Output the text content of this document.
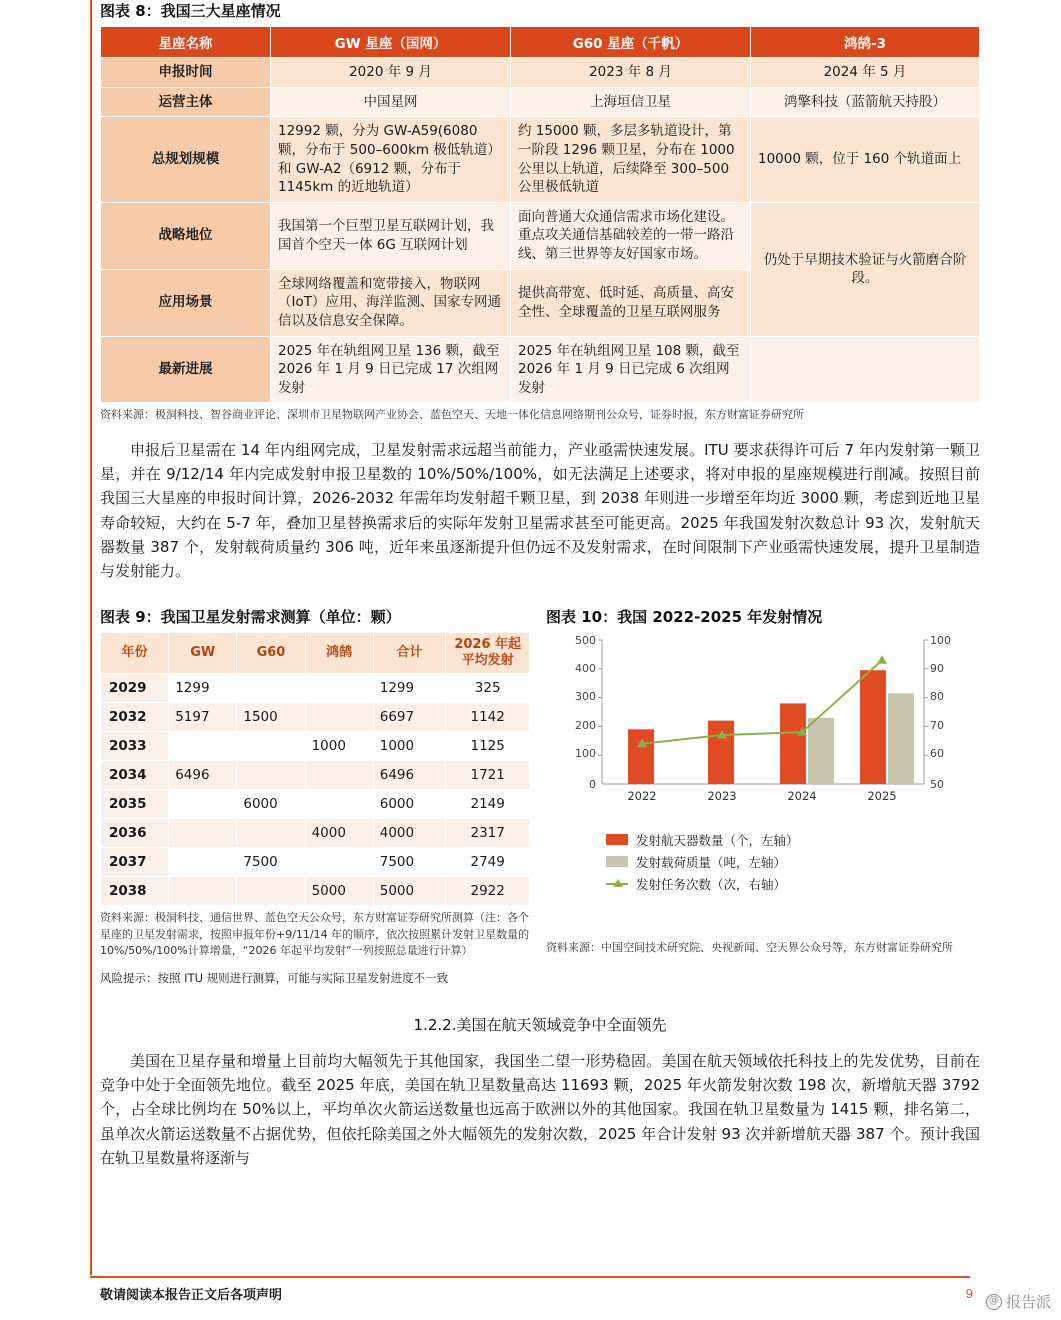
图表 8：我国三大星座情况
星座名称	GW 星座（国网）	G60 星座（千帆）	鸿鹄-3
申报时间	2020 年 9 月	2023 年 8 月	2024 年 5 月
运营主体	中国星网	上海垣信卫星	鸿擎科技（蓝箭航天持股）
总规划规模	12992 颗，分为 GW-A59(6080 颗，分布于 500–600km 极低轨道）和 GW-A2（6912 颗，分布于 1145km 的近地轨道）	约 15000 颗，多层多轨道设计，第一阶段 1296 颗卫星，分布在 1000 公里以上轨道，后续降至 300–500 公里极低轨道	10000 颗，位于 160 个轨道面上
战略地位	我国第一个巨型卫星互联网计划，我国首个空天一体 6G 互联网计划	面向普通大众通信需求市场化建设。重点攻关通信基础较差的一带一路沿线、第三世界等友好国家市场。	仍处于早期技术验证与火箭磨合阶段。
应用场景	全球网络覆盖和宽带接入，物联网（IoT）应用、海洋监测、国家专网通信以及信息安全保障。	提供高带宽、低时延、高质量、高安全性、全球覆盖的卫星互联网服务	
最新进展	2025 年在轨组网卫星 136 颗，截至 2026 年 1 月 9 日已完成 17 次组网发射	2025 年在轨组网卫星 108 颗，截至 2026 年 1 月 9 日已完成 6 次组网发射	
资料来源：极洞科技、智谷商业评论、深圳市卫星物联网产业协会、蓝色空天、天地一体化信息网络期刊公众号，证券时报，东方财富证券研究所

申报后卫星需在 14 年内组网完成，卫星发射需求远超当前能力，产业亟需快速发展。ITU 要求获得许可后 7 年内发射第一颗卫星，并在 9/12/14 年内完成发射申报卫星数的 10%/50%/100%，如无法满足上述要求，将对申报的星座规模进行削减。按照目前我国三大星座的申报时间计算，2026-2032 年需年均发射超千颗卫星，到 2038 年则进一步增至年均近 3000 颗，考虑到近地卫星寿命较短，大约在 5-7 年，叠加卫星替换需求后的实际年发射卫星需求甚至可能更高。2025 年我国发射次数总计 93 次，发射航天器数量 387 个，发射载荷质量约 306 吨，近年来虽逐渐提升但仍远不及发射需求，在时间限制下产业亟需快速发展，提升卫星制造与发射能力。

图表 9：我国卫星发射需求测算（单位：颗）
年份	GW	G60	鸿鹄	合计	2026 年起平均发射
2029	1299			1299	325
2032	5197	1500		6697	1142
2033			1000	1000	1125
2034	6496			6496	1721
2035		6000		6000	2149
2036			4000	4000	2317
2037		7500		7500	2749
2038			5000	5000	2922
资料来源：极洞科技、通信世界、蓝色空天公众号，东方财富证券研究所测算（注：各个星座的卫星发射需求，按照申报年份+9/11/14 年的顺序，依次按照累计发射卫星数量的 10%/50%/100%计算增量，“2026 年起平均发射”一列按照总量进行计算）
风险提示：按照 ITU 规则进行测算，可能与实际卫星发射进度不一致
图表 10：我国 2022-2025 年发射情况
500
400
300
200
100
0
100
90
80
70
60
50
2022	2023	2024	2025
发射航天器数量（个，左轴）
发射载荷质量（吨，左轴）
发射任务次数（次，右轴）
资料来源：中国空间技术研究院、央视新闻、空天界公众号等，东方财富证券研究所
1.2.2.美国在航天领域竞争中全面领先

美国在卫星存量和增量上目前均大幅领先于其他国家，我国坐二望一形势稳固。美国在航天领域依托科技上的先发优势，目前在竞争中处于全面领先地位。截至 2025 年底，美国在轨卫星数量高达 11693 颗，2025 年火箭发射次数 198 次，新增航天器 3792 个，占全球比例均在 50%以上，平均单次火箭运送数量也远高于欧洲以外的其他国家。我国在轨卫星数量为 1415 颗，排名第二，虽单次火箭运送数量不占据优势，但依托除美国之外大幅领先的发射次数，2025 年合计发射 93 次并新增航天器 387 个。预计我国在轨卫星数量将逐渐与

敬请阅读本报告正文后各项声明	9	@ 报告派
